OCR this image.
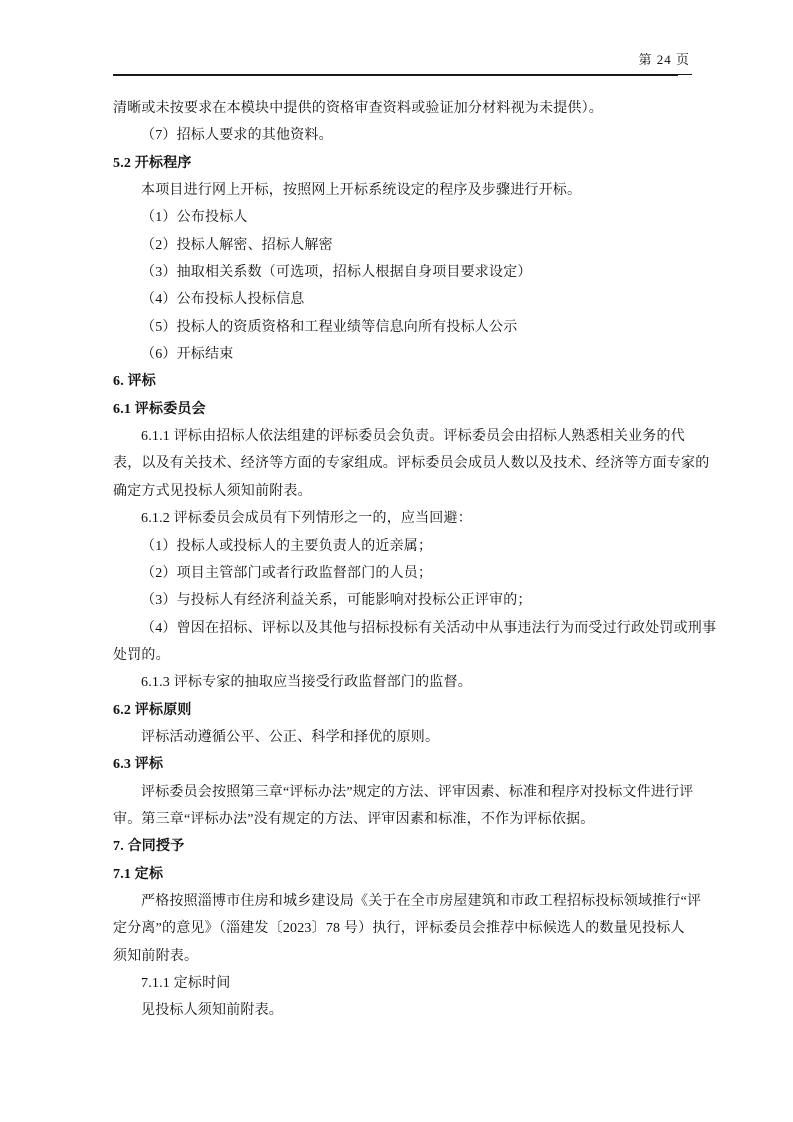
第 24 页
清晰或未按要求在本模块中提供的资格审查资料或验证加分材料视为未提供）。
（7）招标人要求的其他资料。
5.2 开标程序
本项目进行网上开标，按照网上开标系统设定的程序及步骤进行开标。
（1）公布投标人
（2）投标人解密、招标人解密
（3）抽取相关系数（可选项，招标人根据自身项目要求设定）
（4）公布投标人投标信息
（5）投标人的资质资格和工程业绩等信息向所有投标人公示
（6）开标结束
6. 评标
6.1 评标委员会
6.1.1 评标由招标人依法组建的评标委员会负责。评标委员会由招标人熟悉相关业务的代
表，以及有关技术、经济等方面的专家组成。评标委员会成员人数以及技术、经济等方面专家的
确定方式见投标人须知前附表。
6.1.2 评标委员会成员有下列情形之一的，应当回避：
（1）投标人或投标人的主要负责人的近亲属；
（2）项目主管部门或者行政监督部门的人员；
（3）与投标人有经济利益关系，可能影响对投标公正评审的；
（4）曾因在招标、评标以及其他与招标投标有关活动中从事违法行为而受过行政处罚或刑事
处罚的。
6.1.3 评标专家的抽取应当接受行政监督部门的监督。
6.2 评标原则
评标活动遵循公平、公正、科学和择优的原则。
6.3 评标
评标委员会按照第三章“评标办法”规定的方法、评审因素、标准和程序对投标文件进行评
审。第三章“评标办法”没有规定的方法、评审因素和标准，不作为评标依据。
7. 合同授予
7.1 定标
严格按照淄博市住房和城乡建设局《关于在全市房屋建筑和市政工程招标投标领域推行“评
定分离”的意见》（淄建发〔2023〕78 号）执行，评标委员会推荐中标候选人的数量见投标人
须知前附表。
7.1.1 定标时间
见投标人须知前附表。
